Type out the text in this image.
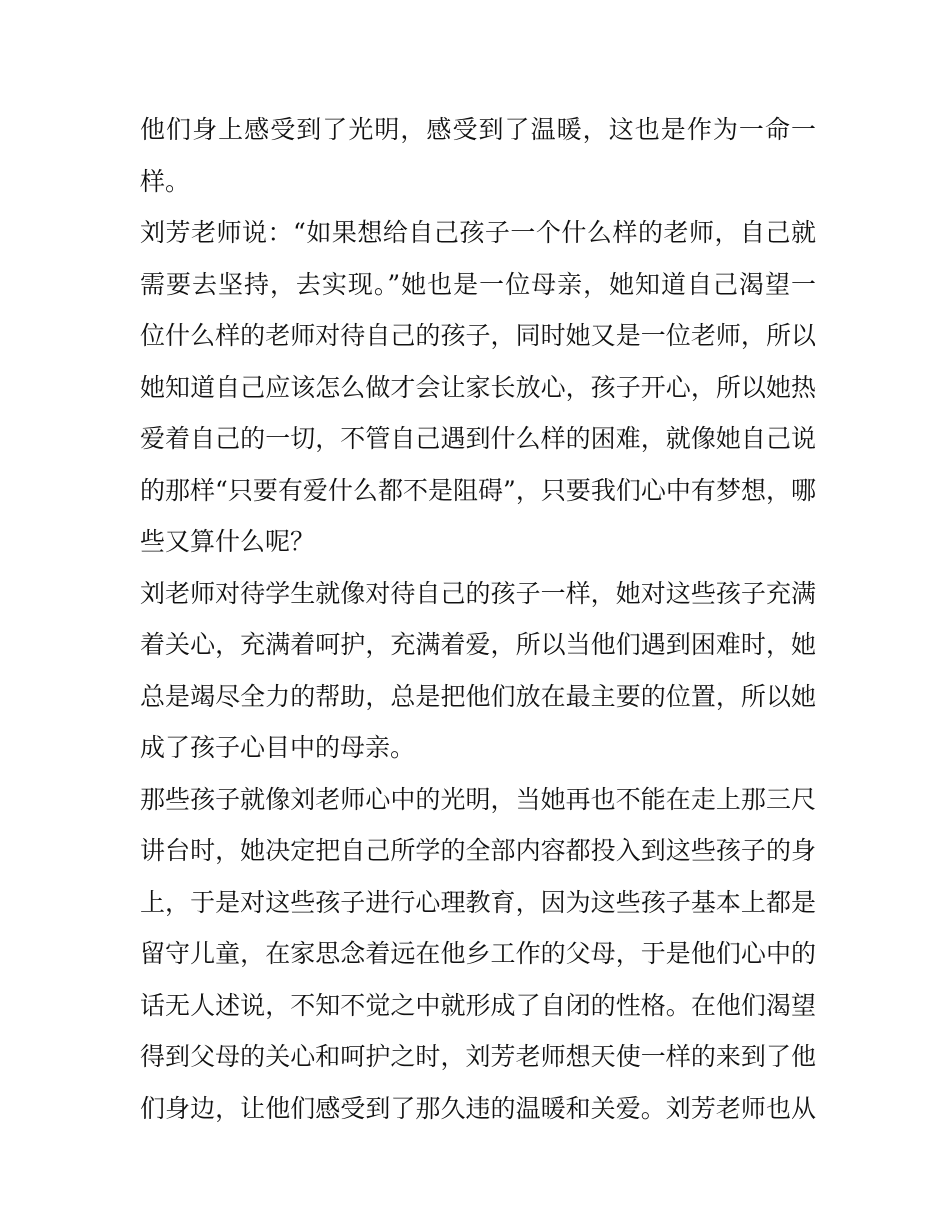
他们身上感受到了光明，感受到了温暖，这也是作为一命一
样。
刘芳老师说：“如果想给自己孩子一个什么样的老师，自己就
需要去坚持，去实现。”她也是一位母亲，她知道自己渴望一
位什么样的老师对待自己的孩子，同时她又是一位老师，所以
她知道自己应该怎么做才会让家长放心，孩子开心，所以她热
爱着自己的一切，不管自己遇到什么样的困难，就像她自己说
的那样“只要有爱什么都不是阻碍”，只要我们心中有梦想，哪
些又算什么呢？
刘老师对待学生就像对待自己的孩子一样，她对这些孩子充满
着关心，充满着呵护，充满着爱，所以当他们遇到困难时，她
总是竭尽全力的帮助，总是把他们放在最主要的位置，所以她
成了孩子心目中的母亲。
那些孩子就像刘老师心中的光明，当她再也不能在走上那三尺
讲台时，她决定把自己所学的全部内容都投入到这些孩子的身
上，于是对这些孩子进行心理教育，因为这些孩子基本上都是
留守儿童，在家思念着远在他乡工作的父母，于是他们心中的
话无人述说，不知不觉之中就形成了自闭的性格。在他们渴望
得到父母的关心和呵护之时，刘芳老师想天使一样的来到了他
们身边，让他们感受到了那久违的温暖和关爱。刘芳老师也从
